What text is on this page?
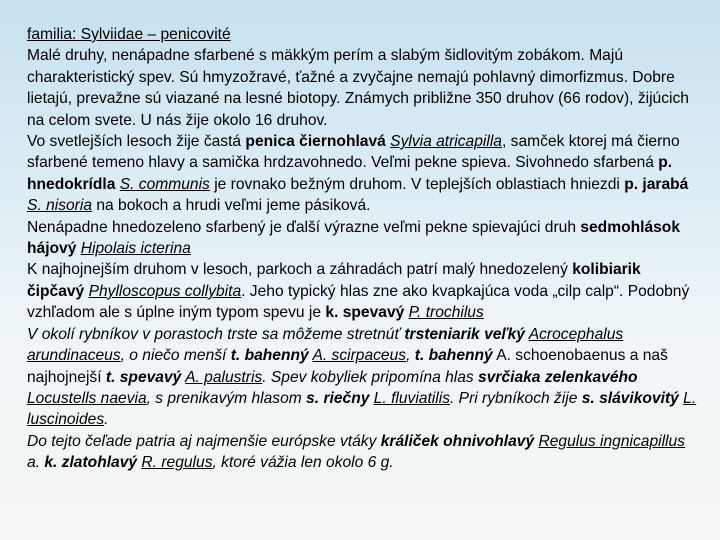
familia: Sylviidae – penicovité

Malé druhy, nenápadne sfarbené s mäkkým perím a slabým šidlovitým zobákom. Majú charakteristický spev. Sú hmyzožravé, ťažné a zvyčajne nemajú pohlavný dimorfizmus. Dobre lietajú, prevažne sú viazané na lesné biotopy. Známych približne 350 druhov (66 rodov), žijúcich na celom svete. U nás žije okolo 16 druhov.

Vo svetlejších lesoch žije častá penica čiernohlavá Sylvia atricapilla, samček ktorej má čierno sfarbené temeno hlavy a samička hrdzavohnedo. Veľmi pekne spieva. Sivohnedo sfarbená p. hnedokrídla S. communis je rovnako bežným druhom. V teplejších oblastiach hniezdi p. jarabá S. nisoria na bokoch a hrudi veľmi jeme pásiková.

Nenápadne hnedozeleno sfarbený je ďalší výrazne veľmi pekne spievajúci druh sedmohlások hájový Hipolais icterina

K najhojnejším druhom v lesoch, parkoch a záhradách patrí malý hnedozelený kolibiarik čipčavý Phylloscopus collybita. Jeho typický hlas zne ako kvapkajúca voda „cilp calp“. Podobný vzhľadom ale s úplne iným typom spevu je k. spevavý P. trochilus

V okolí rybníkov v porastoch trste sa môžeme stretnúť trsteniarik veľký Acrocephalus arundinaceus, o niečo menší t. bahenný A. scirpaceus, t. bahenný A. schoenobaenus a naš najhojnejší t. spevavý A. palustris. Spev kobyliek pripomína hlas svrčiaka zelenkavého Locustells naevia, s prenikavým hlasom s. riečny L. fluviatilis. Pri rybníkoch žije s. slávikovitý L. luscinoides.

Do tejto čeľade patria aj najmenšie európske vtáky králiček ohnivohlavý Regulus ingnicapillus a. k. zlatohlavý R. regulus, ktoré vážia len okolo 6 g.
